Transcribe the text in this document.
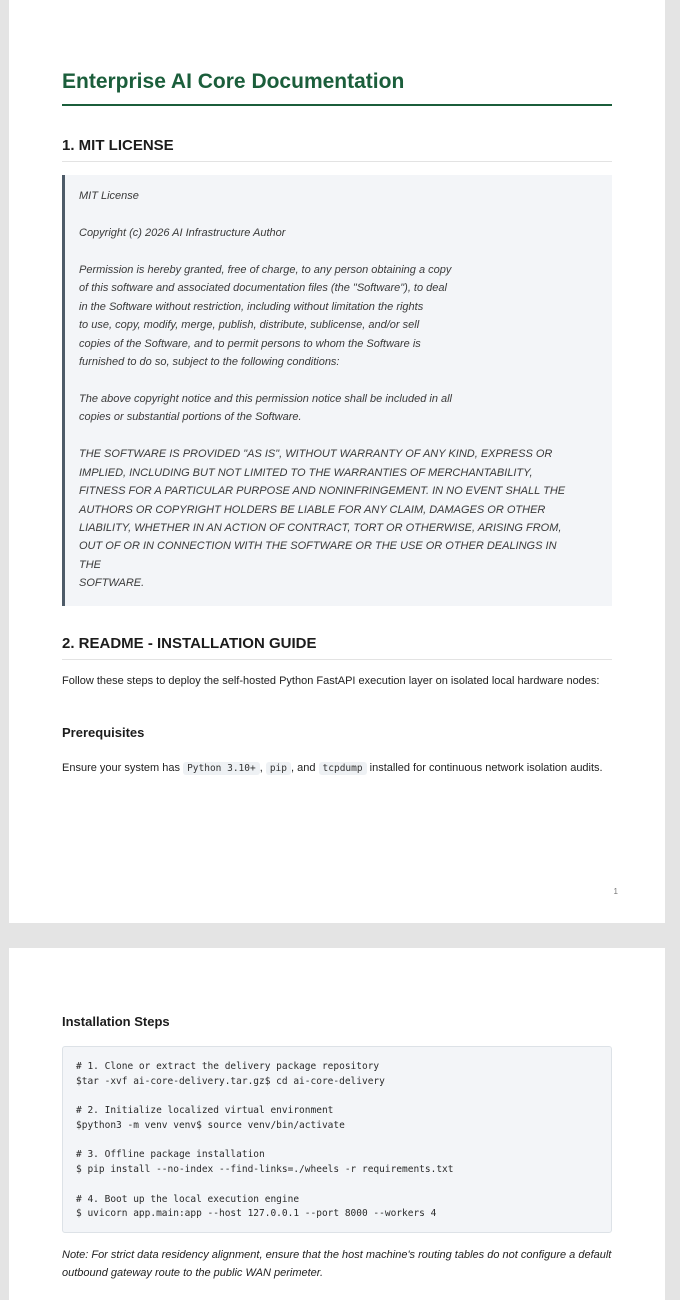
Enterprise AI Core Documentation
1. MIT LICENSE

MIT License

Copyright (c) 2026 AI Infrastructure Author

Permission is hereby granted, free of charge, to any person obtaining a copy
of this software and associated documentation files (the "Software"), to deal
in the Software without restriction, including without limitation the rights
to use, copy, modify, merge, publish, distribute, sublicense, and/or sell
copies of the Software, and to permit persons to whom the Software is
furnished to do so, subject to the following conditions:

The above copyright notice and this permission notice shall be included in all
copies or substantial portions of the Software.

THE SOFTWARE IS PROVIDED "AS IS", WITHOUT WARRANTY OF ANY KIND, EXPRESS OR
IMPLIED, INCLUDING BUT NOT LIMITED TO THE WARRANTIES OF MERCHANTABILITY,
FITNESS FOR A PARTICULAR PURPOSE AND NONINFRINGEMENT. IN NO EVENT SHALL THE
AUTHORS OR COPYRIGHT HOLDERS BE LIABLE FOR ANY CLAIM, DAMAGES OR OTHER
LIABILITY, WHETHER IN AN ACTION OF CONTRACT, TORT OR OTHERWISE, ARISING FROM,
OUT OF OR IN CONNECTION WITH THE SOFTWARE OR THE USE OR OTHER DEALINGS IN
THE
SOFTWARE.

2. README - INSTALLATION GUIDE

Follow these steps to deploy the self-hosted Python FastAPI execution layer on isolated local hardware nodes:

Prerequisites

Ensure your system has Python 3.10+ , pip , and tcpdump installed for continuous network isolation audits.

1
Installation Steps
# 1. Clone or extract the delivery package repository
$tar -xvf ai-core-delivery.tar.gz$ cd ai-core-delivery
# 2. Initialize localized virtual environment
$python3 -m venv venv$ source venv/bin/activate
# 3. Offline package installation
$ pip install --no-index --find-links=./wheels -r requirements.txt
# 4. Boot up the local execution engine
$ uvicorn app.main:app --host 127.0.0.1 --port 8000 --workers 4

Note: For strict data residency alignment, ensure that the host machine's routing tables do not configure a default outbound gateway route to the public WAN perimeter.
